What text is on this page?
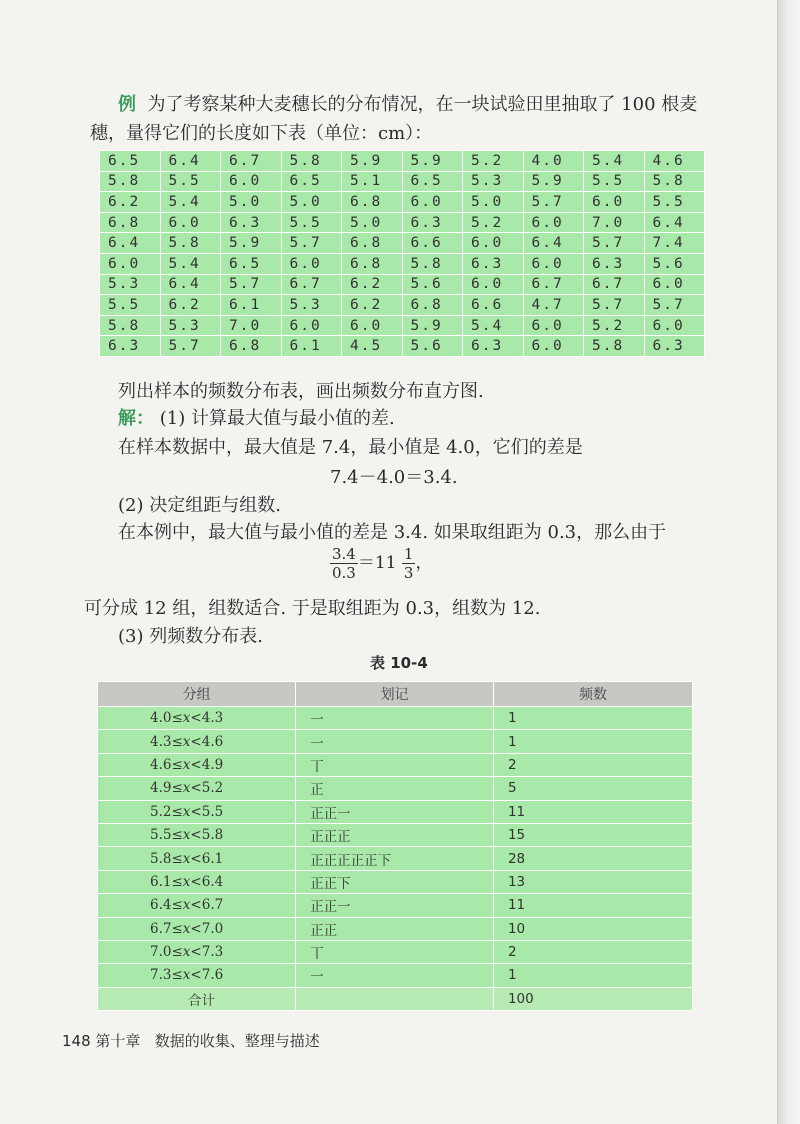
例 为了考察某种大麦穗长的分布情况，在一块试验田里抽取了 100 根麦

穗，量得它们的长度如下表（单位：cm）：

6.5	6.4	6.7	5.8	5.9	5.9	5.2	4.0	5.4	4.6
5.8	5.5	6.0	6.5	5.1	6.5	5.3	5.9	5.5	5.8
6.2	5.4	5.0	5.0	6.8	6.0	5.0	5.7	6.0	5.5
6.8	6.0	6.3	5.5	5.0	6.3	5.2	6.0	7.0	6.4
6.4	5.8	5.9	5.7	6.8	6.6	6.0	6.4	5.7	7.4
6.0	5.4	6.5	6.0	6.8	5.8	6.3	6.0	6.3	5.6
5.3	6.4	5.7	6.7	6.2	5.6	6.0	6.7	6.7	6.0
5.5	6.2	6.1	5.3	6.2	6.8	6.6	4.7	5.7	5.7
5.8	5.3	7.0	6.0	6.0	5.9	5.4	6.0	5.2	6.0
6.3	5.7	6.8	6.1	4.5	5.6	6.3	6.0	5.8	6.3

列出样本的频数分布表，画出频数分布直方图.

解： (1) 计算最大值与最小值的差.

在样本数据中，最大值是 7.4，最小值是 4.0，它们的差是

7.4－4.0＝3.4.

(2) 决定组距与组数.

在本例中，最大值与最小值的差是 3.4. 如果取组距为 0.3，那么由于

$\frac{3.4}{0.3} =11 \frac{1}{3}$ ，

可分成 12 组，组数适合. 于是取组距为 0.3，组数为 12.

(3) 列频数分布表.

表 10-4
分组	划记	频数
4.0≤x<4.3	一	1
4.3≤x<4.6	一	1
4.6≤x<4.9	丅	2
4.9≤x<5.2	正	5
5.2≤x<5.5	正正一	11
5.5≤x<5.8	正正正	15
5.8≤x<6.1	正正正正正下	28
6.1≤x<6.4	正正下	13
6.4≤x<6.7	正正一	11
6.7≤x<7.0	正正	10
7.0≤x<7.3	丅	2
7.3≤x<7.6	一	1
合计		100
148 第十章 数据的收集、整理与描述
